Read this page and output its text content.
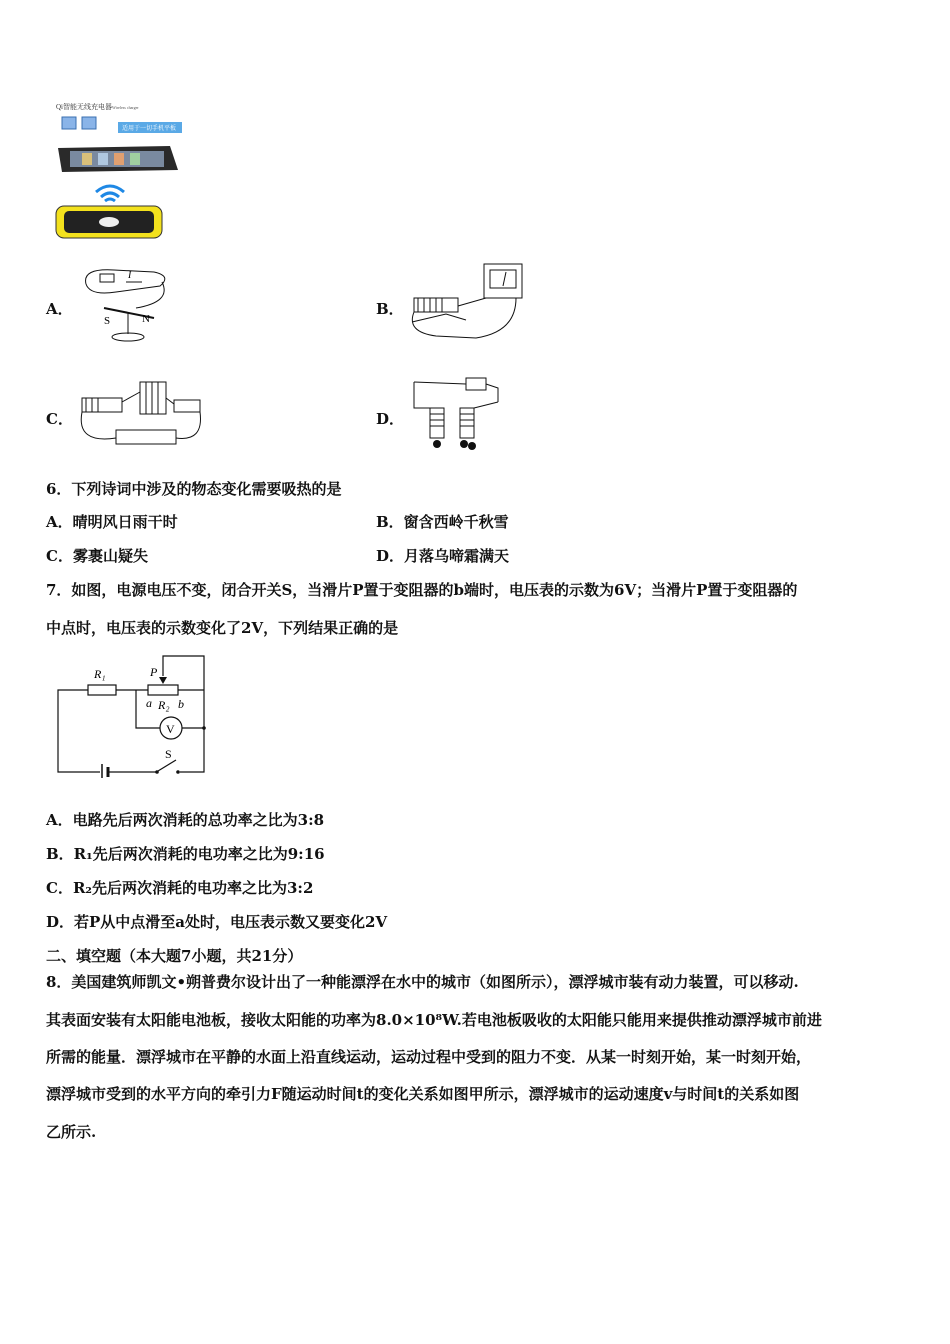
Qi智能无线充电器 Wireless charger
适用于一切手机平板
A．	B．
C．	D．
I
S	N
6．下列诗词中涉及的物态变化需要吸热的是
A．晴明风日雨干时	B．窗含西岭千秋雪
C．雾裹山疑失	D．月落乌啼霜满天
7．如图，电源电压不变，闭合开关S，当滑片P置于变阻器的b端时，电压表的示数为6V；当滑片P置于变阻器的
中点时，电压表的示数变化了2V，下列结果正确的是
R₁	P
a R₂ b
V
S
A．电路先后两次消耗的总功率之比为3:8
B．R₁先后两次消耗的电功率之比为9:16
C．R₂先后两次消耗的电功率之比为3:2
D．若P从中点滑至a处时，电压表示数又要变化2V
二、填空题（本大题7小题，共21分）
8．美国建筑师凯文•朔普费尔设计出了一种能漂浮在水中的城市（如图所示），漂浮城市装有动力装置，可以移动.
其表面安装有太阳能电池板，接收太阳能的功率为8.0×10⁸W.若电池板吸收的太阳能只能用来提供推动漂浮城市前进
所需的能量．漂浮城市在平静的水面上沿直线运动，运动过程中受到的阻力不变．从某一时刻开始，某一时刻开始，
漂浮城市受到的水平方向的牵引力F随运动时间t的变化关系如图甲所示，漂浮城市的运动速度v与时间t的关系如图
乙所示.
